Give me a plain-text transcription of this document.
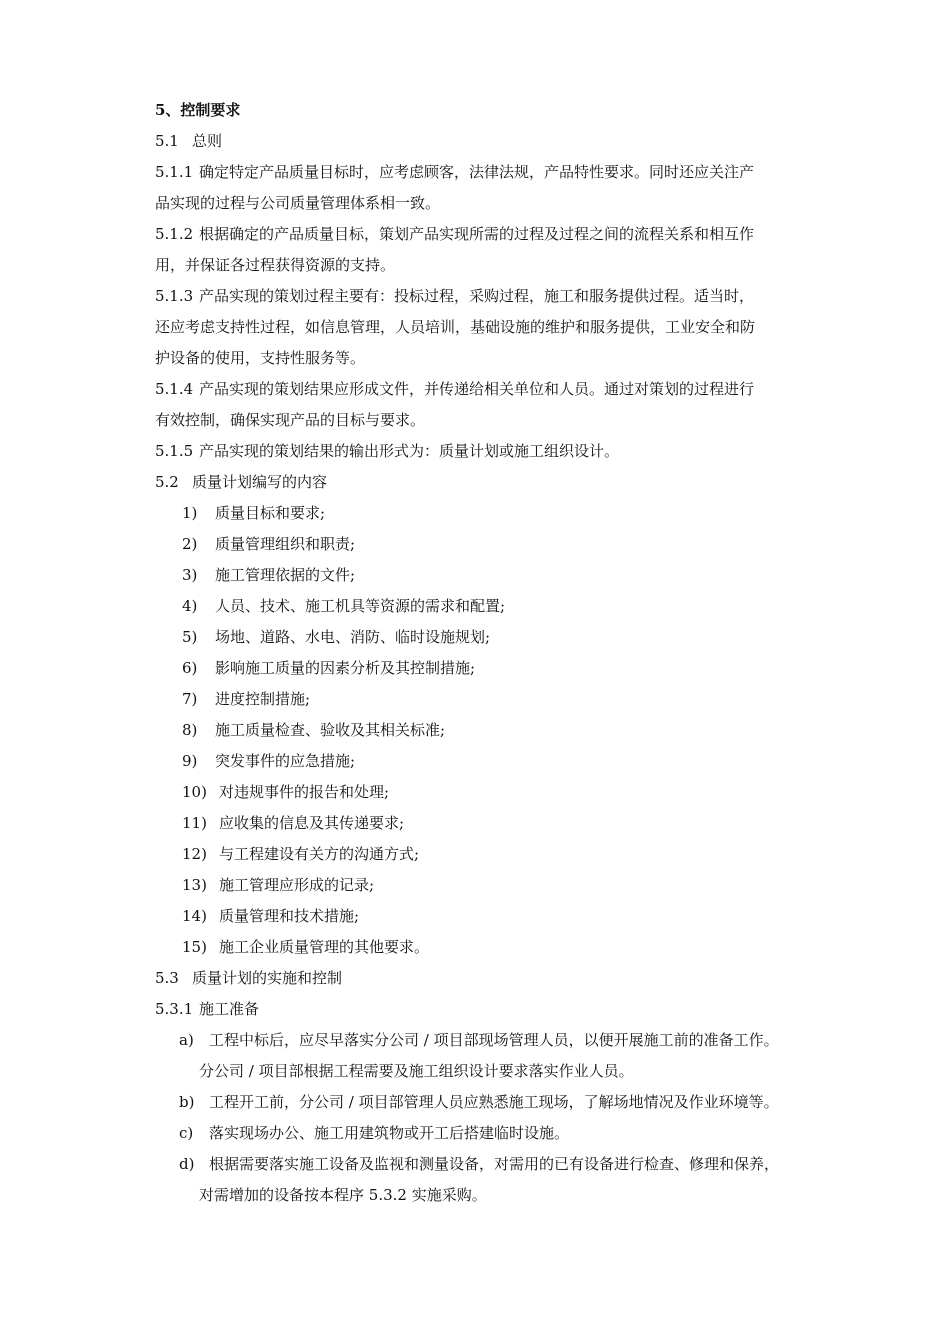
5、控制要求
5.1 总则
5.1.1 确定特定产品质量目标时，应考虑顾客，法律法规，产品特性要求。同时还应关注产
品实现的过程与公司质量管理体系相一致。
5.1.2 根据确定的产品质量目标，策划产品实现所需的过程及过程之间的流程关系和相互作
用，并保证各过程获得资源的支持。
5.1.3 产品实现的策划过程主要有：投标过程，采购过程，施工和服务提供过程。适当时，
还应考虑支持性过程，如信息管理，人员培训，基础设施的维护和服务提供，工业安全和防
护设备的使用，支持性服务等。
5.1.4 产品实现的策划结果应形成文件，并传递给相关单位和人员。通过对策划的过程进行
有效控制，确保实现产品的目标与要求。
5.1.5 产品实现的策划结果的输出形式为：质量计划或施工组织设计。
5.2 质量计划编写的内容
1) 质量目标和要求;
2) 质量管理组织和职责;
3) 施工管理依据的文件;
4) 人员、技术、施工机具等资源的需求和配置;
5) 场地、道路、水电、消防、临时设施规划;
6) 影响施工质量的因素分析及其控制措施;
7) 进度控制措施;
8) 施工质量检查、验收及其相关标准;
9) 突发事件的应急措施;
10) 对违规事件的报告和处理;
11) 应收集的信息及其传递要求;
12) 与工程建设有关方的沟通方式;
13) 施工管理应形成的记录;
14) 质量管理和技术措施;
15) 施工企业质量管理的其他要求。
5.3 质量计划的实施和控制
5.3.1 施工准备
a) 工程中标后，应尽早落实分公司 / 项目部现场管理人员，以便开展施工前的准备工作。
分公司 / 项目部根据工程需要及施工组织设计要求落实作业人员。
b) 工程开工前，分公司 / 项目部管理人员应熟悉施工现场，了解场地情况及作业环境等。
c) 落实现场办公、施工用建筑物或开工后搭建临时设施。
d) 根据需要落实施工设备及监视和测量设备，对需用的已有设备进行检查、修理和保养，
对需增加的设备按本程序 5.3.2 实施采购。
